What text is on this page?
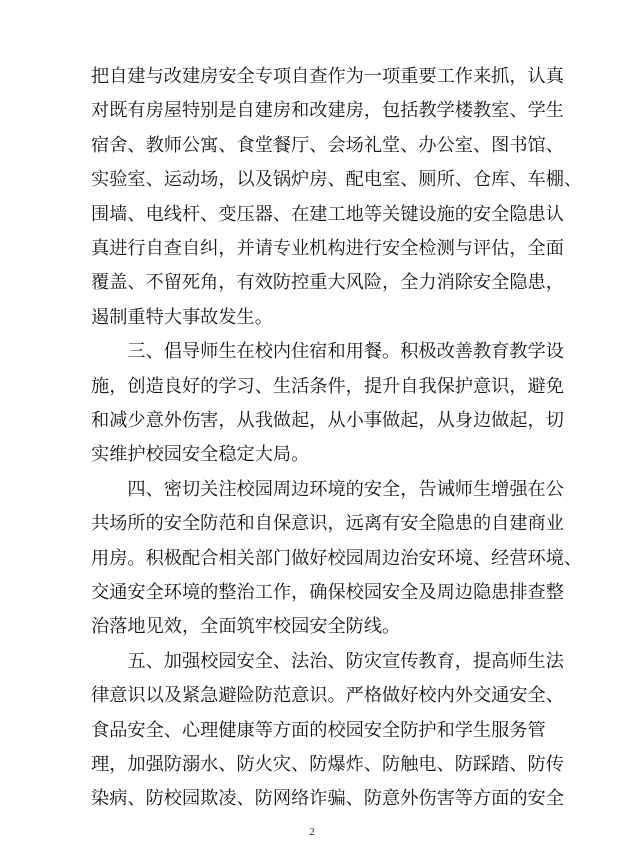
把自建与改建房安全专项自查作为一项重要工作来抓，认真
对既有房屋特别是自建房和改建房，包括教学楼教室、学生
宿舍、教师公寓、食堂餐厅、会场礼堂、办公室、图书馆、
实验室、运动场，以及锅炉房、配电室、厕所、仓库、车棚、
围墙、电线杆、变压器、在建工地等关键设施的安全隐患认
真进行自查自纠，并请专业机构进行安全检测与评估，全面
覆盖、不留死角，有效防控重大风险，全力消除安全隐患，
遏制重特大事故发生。
　　三、倡导师生在校内住宿和用餐。积极改善教育教学设
施，创造良好的学习、生活条件，提升自我保护意识，避免
和减少意外伤害，从我做起，从小事做起，从身边做起，切
实维护校园安全稳定大局。
　　四、密切关注校园周边环境的安全，告诫师生增强在公
共场所的安全防范和自保意识，远离有安全隐患的自建商业
用房。积极配合相关部门做好校园周边治安环境、经营环境、
交通安全环境的整治工作，确保校园安全及周边隐患排查整
治落地见效，全面筑牢校园安全防线。
　　五、加强校园安全、法治、防灾宣传教育，提高师生法
律意识以及紧急避险防范意识。严格做好校内外交通安全、
食品安全、心理健康等方面的校园安全防护和学生服务管
2
理，加强防溺水、防火灾、防爆炸、防触电、防踩踏、防传
染病、防校园欺凌、防网络诈骗、防意外伤害等方面的安全
